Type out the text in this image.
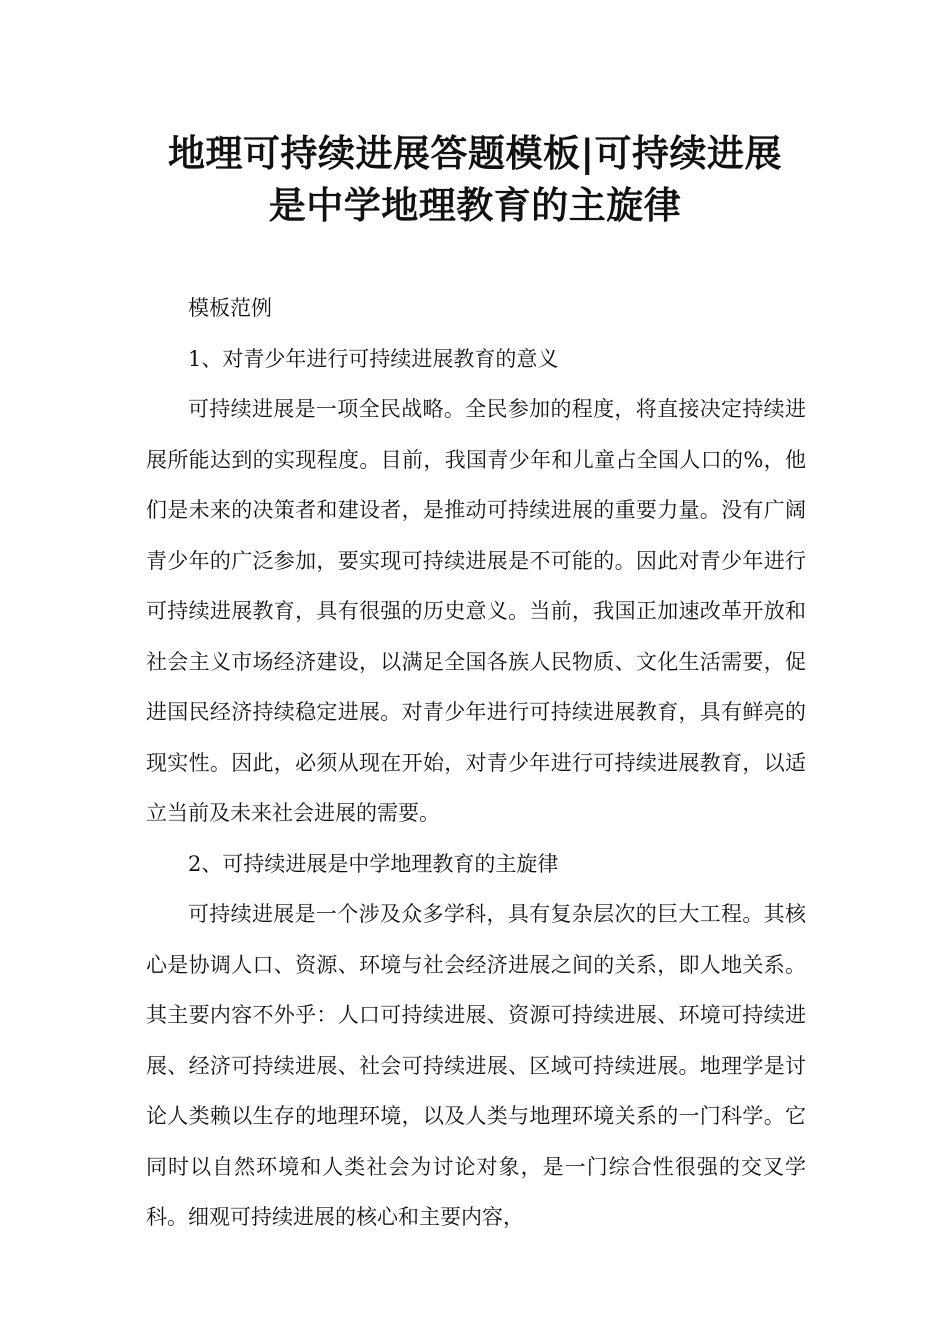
地理可持续进展答题模板|可持续进展
是中学地理教育的主旋律

模板范例

1、对青少年进行可持续进展教育的意义

可持续进展是一项全民战略。全民参加的程度，将直接决定持续进展所能达到的实现程度。目前，我国青少年和儿童占全国人口的%，他们是未来的决策者和建设者，是推动可持续进展的重要力量。没有广阔青少年的广泛参加，要实现可持续进展是不可能的。因此对青少年进行可持续进展教育，具有很强的历史意义。当前，我国正加速改革开放和社会主义市场经济建设，以满足全国各族人民物质、文化生活需要，促进国民经济持续稳定进展。对青少年进行可持续进展教育，具有鲜亮的现实性。因此，必须从现在开始，对青少年进行可持续进展教育，以适立当前及未来社会进展的需要。

2、可持续进展是中学地理教育的主旋律

可持续进展是一个涉及众多学科，具有复杂层次的巨大工程。其核心是协调人口、资源、环境与社会经济进展之间的关系，即人地关系。其主要内容不外乎：人口可持续进展、资源可持续进展、环境可持续进展、经济可持续进展、社会可持续进展、区域可持续进展。地理学是讨论人类赖以生存的地理环境，以及人类与地理环境关系的一门科学。它同时以自然环境和人类社会为讨论对象，是一门综合性很强的交叉学科。细观可持续进展的核心和主要内容，
